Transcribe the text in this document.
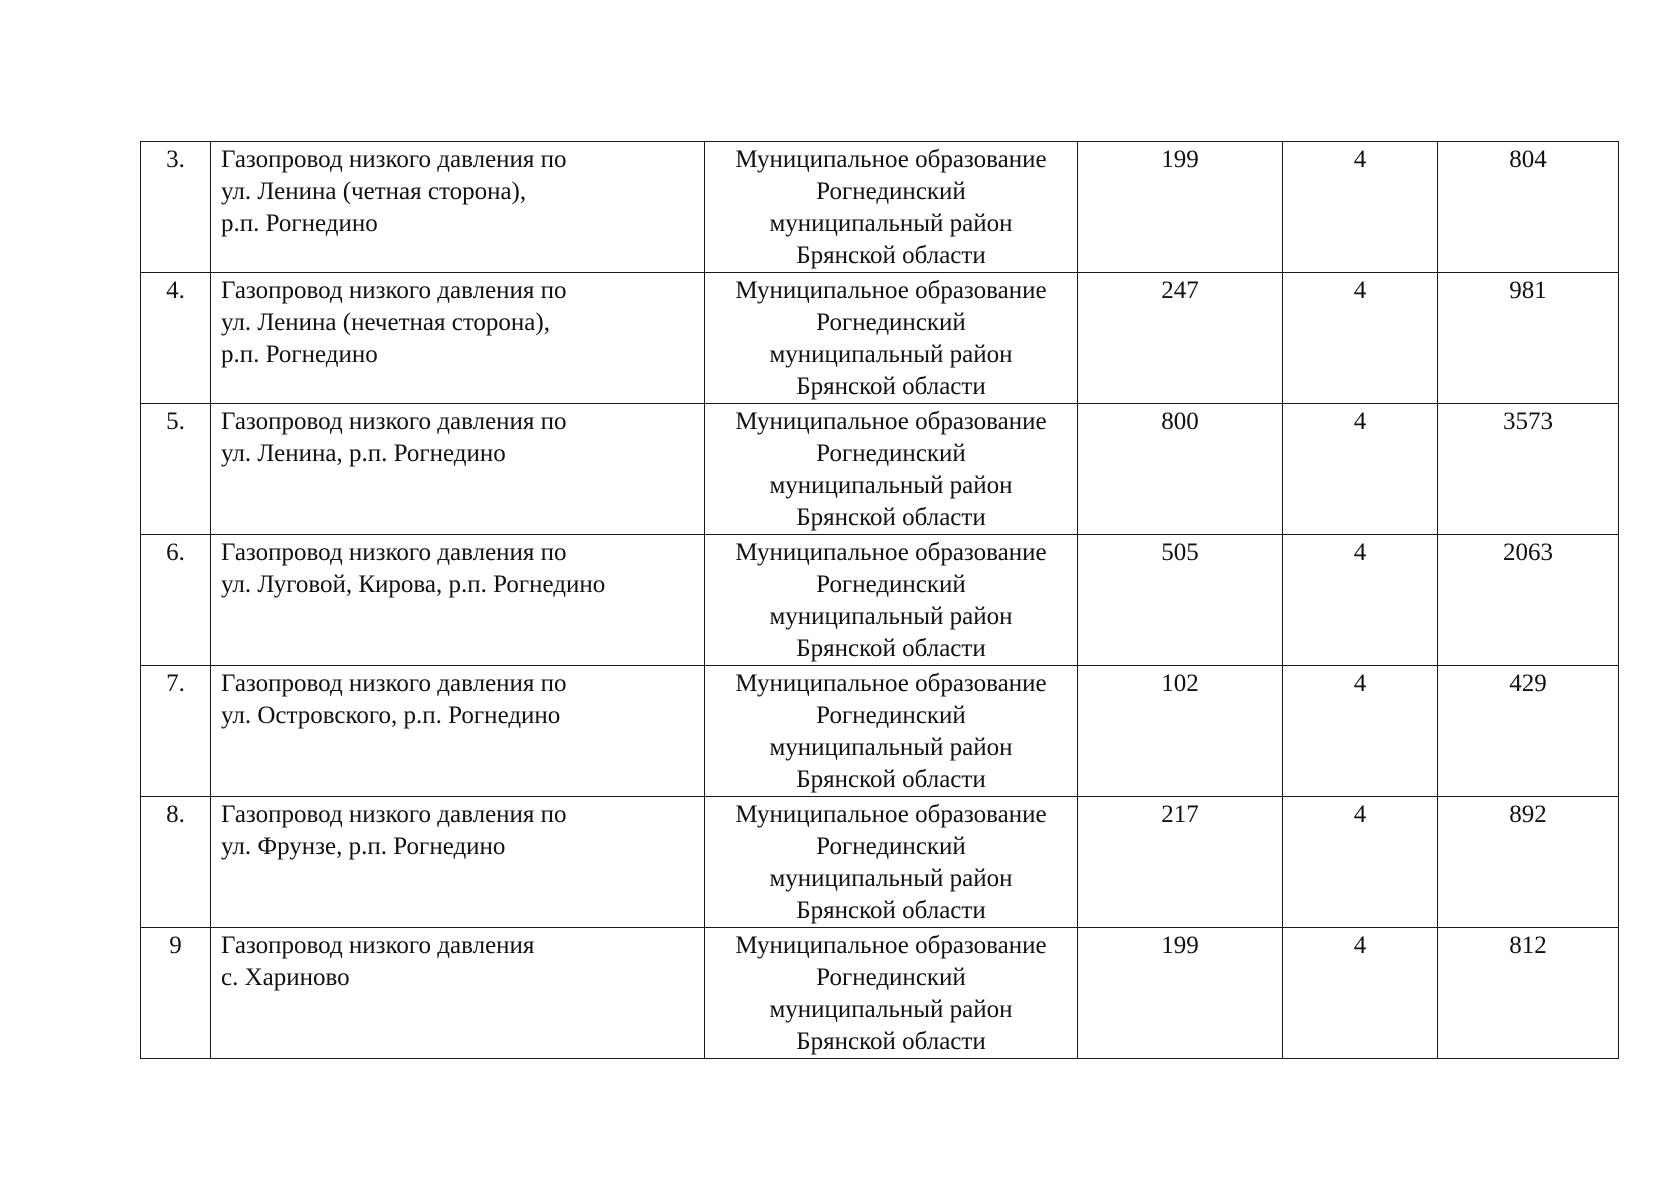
3.	Газопровод низкого давления по
ул. Ленина (четная сторона),
р.п. Рогнедино	Муниципальное образование
Рогнединский
муниципальный район
Брянской области	199	4	804
4.	Газопровод низкого давления по
ул. Ленина (нечетная сторона),
р.п. Рогнедино	Муниципальное образование
Рогнединский
муниципальный район
Брянской области	247	4	981
5.	Газопровод низкого давления по
ул. Ленина, р.п. Рогнедино	Муниципальное образование
Рогнединский
муниципальный район
Брянской области	800	4	3573
6.	Газопровод низкого давления по
ул. Луговой, Кирова, р.п. Рогнедино	Муниципальное образование
Рогнединский
муниципальный район
Брянской области	505	4	2063
7.	Газопровод низкого давления по
ул. Островского, р.п. Рогнедино	Муниципальное образование
Рогнединский
муниципальный район
Брянской области	102	4	429
8.	Газопровод низкого давления по
ул. Фрунзе, р.п. Рогнедино	Муниципальное образование
Рогнединский
муниципальный район
Брянской области	217	4	892
9	Газопровод низкого давления
с. Хариново	Муниципальное образование
Рогнединский
муниципальный район
Брянской области	199	4	812
